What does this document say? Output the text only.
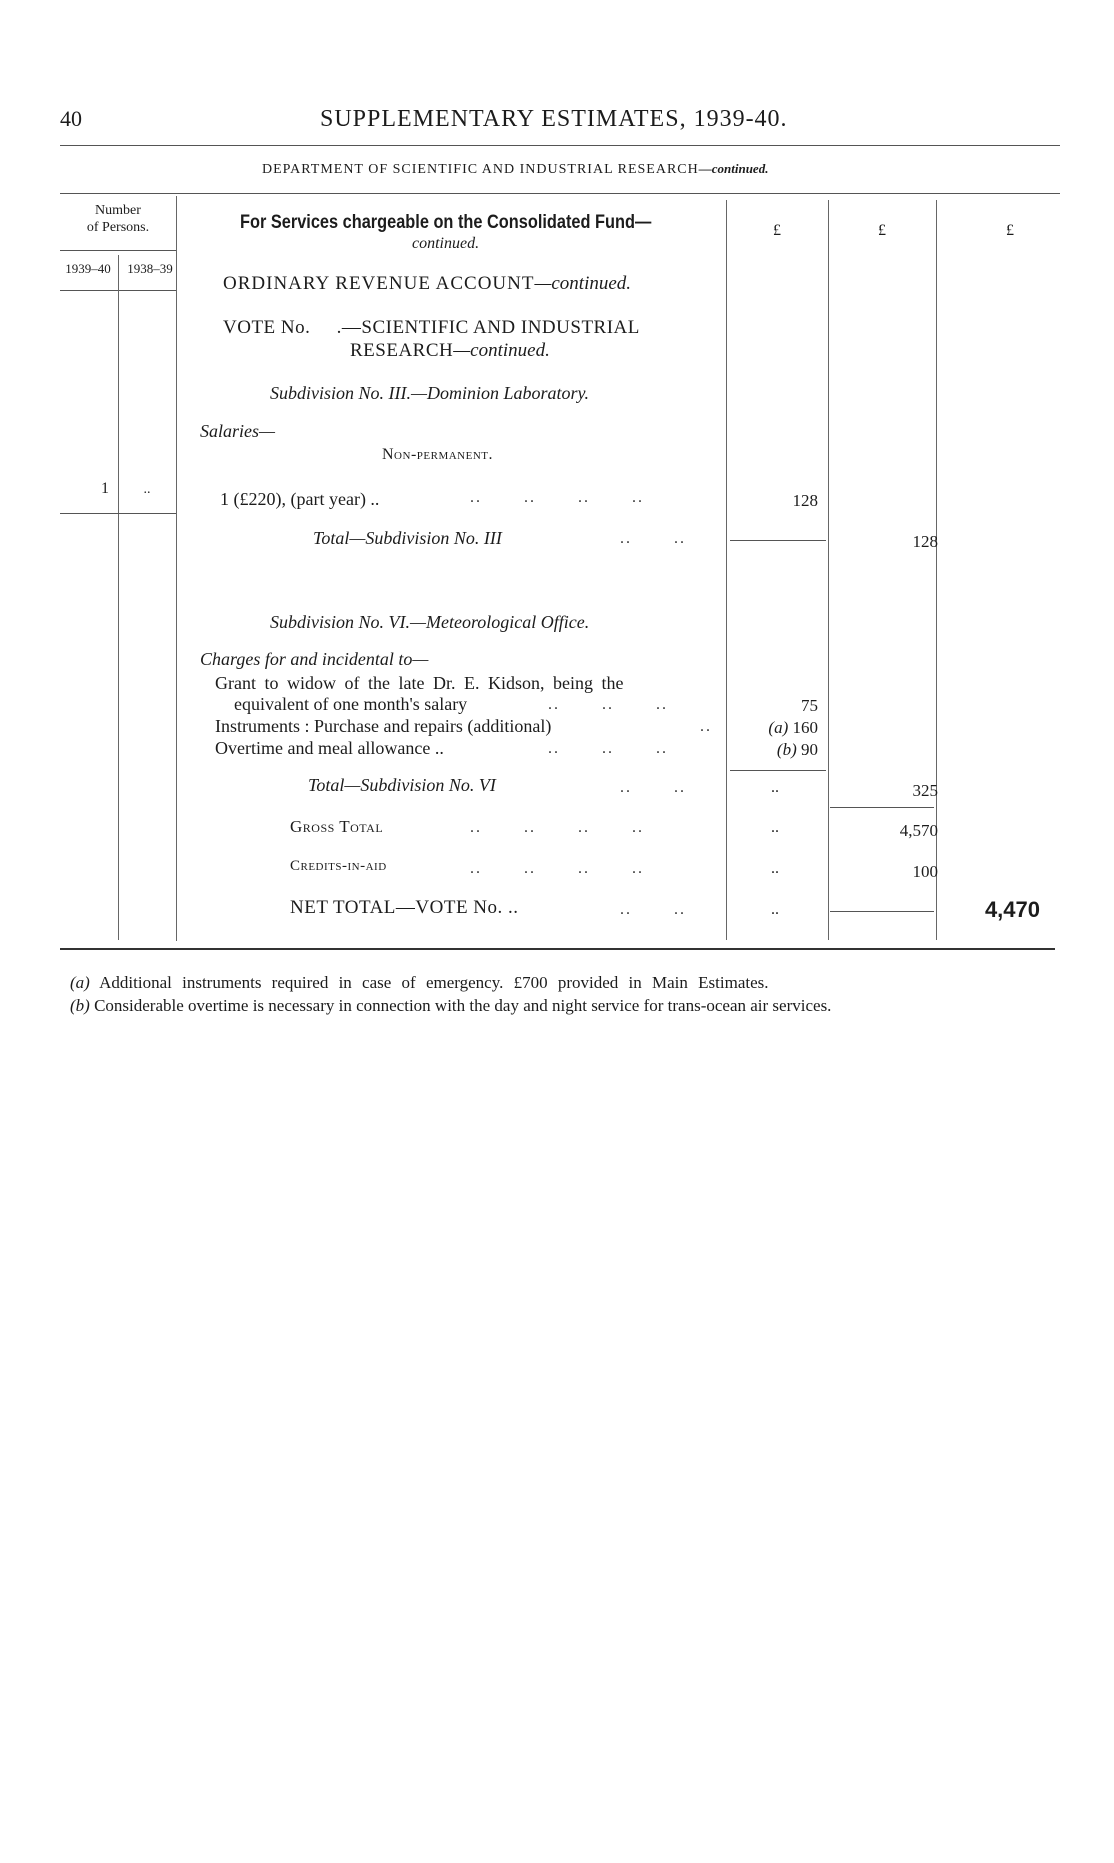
40	SUPPLEMENTARY ESTIMATES, 1939-40.
DEPARTMENT OF SCIENTIFIC AND INDUSTRIAL RESEARCH—continued.
Number
of Persons.
1939–40	1938–39
For Services chargeable on the Consolidated Fund—
continued.
£	£	£
ORDINARY REVENUE ACCOUNT—continued.
VOTE No.     .—SCIENTIFIC AND INDUSTRIAL
RESEARCH—continued.
Subdivision No. III.—Dominion Laboratory.
Salaries—
Non-permanent.
1	..	1 (£220), (part year) ..	..       ..       ..       ..	128
Total—Subdivision No. III	..       ..	128
Subdivision No. VI.—Meteorological Office.
Charges for and incidental to—
Grant to widow of the late Dr. E. Kidson, being the
equivalent of one month's salary	..       ..       ..	75
Instruments : Purchase and repairs (additional)	..	(a) 160
Overtime and meal allowance ..	..       ..       ..	(b) 90
Total—Subdivision No. VI	..       ..	..	325
Gross Total	..       ..       ..       ..	..	4,570
Credits-in-aid	..       ..       ..       ..	..	100
NET TOTAL—VOTE No. ..	..       ..	..	4,470
(a) Additional instruments required in case of emergency. £700 provided in Main Estimates.
(b) Considerable overtime is necessary in connection with the day and night service for trans-ocean air services.
